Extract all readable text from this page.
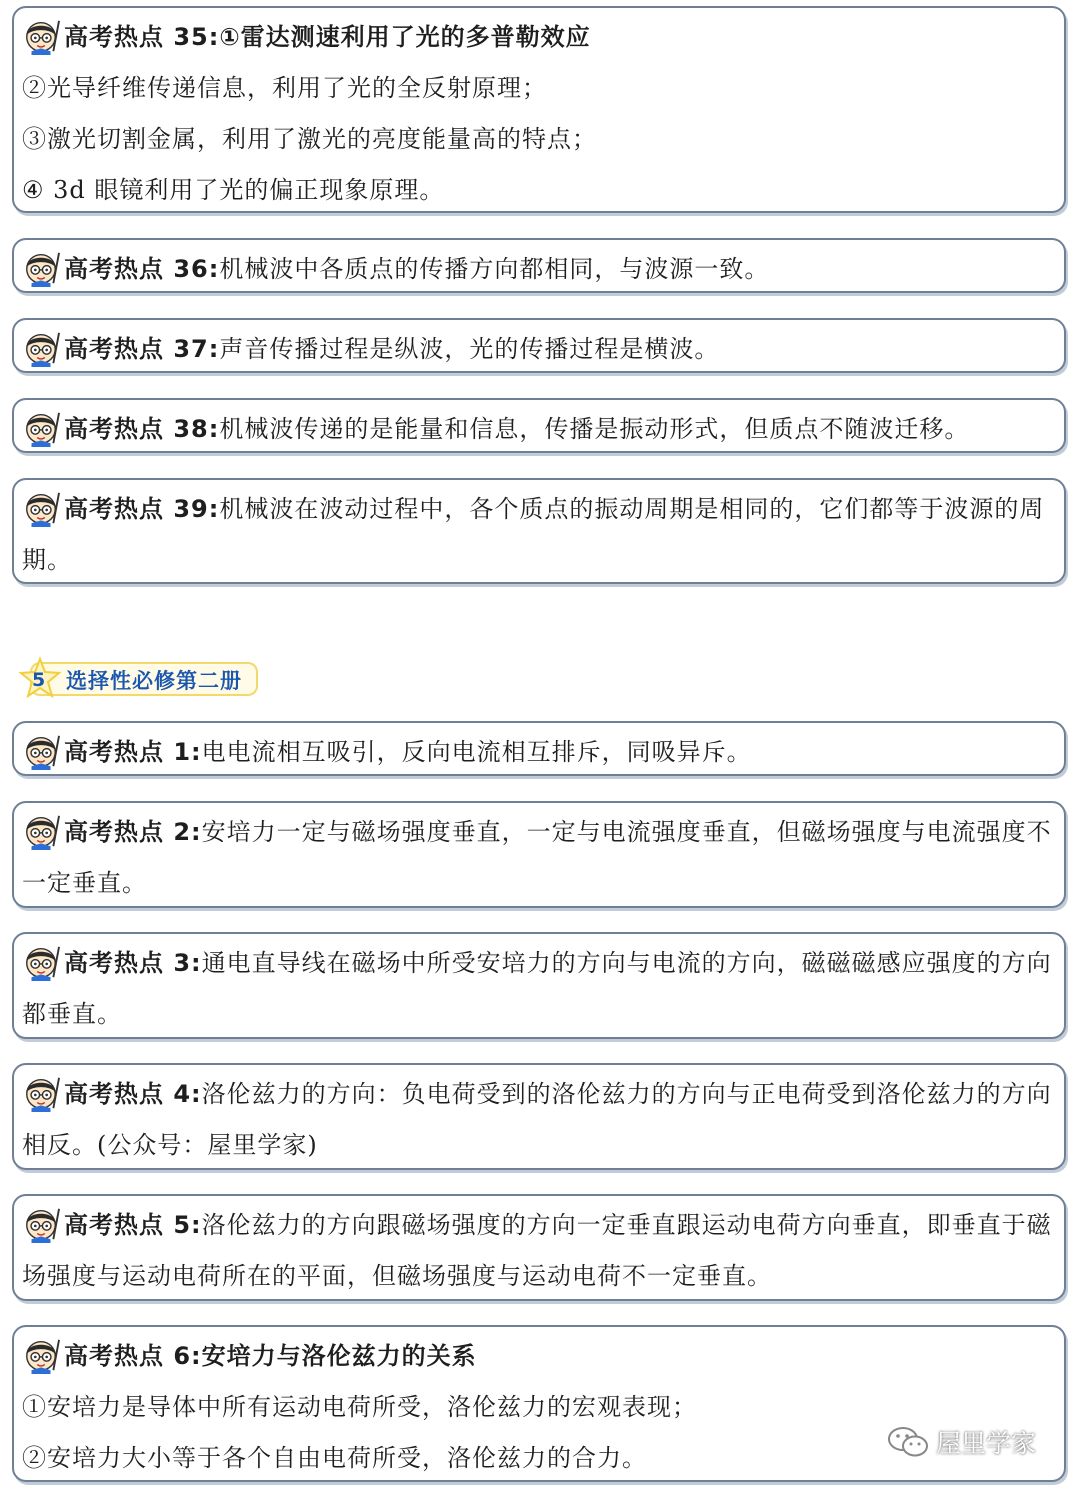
高考热点 35:①雷达测速利用了光的多普勒效应
②光导纤维传递信息，利用了光的全反射原理；
③激光切割金属，利用了激光的亮度能量高的特点；
④ 3d 眼镜利用了光的偏正现象原理。
高考热点 36:机械波中各质点的传播方向都相同，与波源一致。
高考热点 37:声音传播过程是纵波，光的传播过程是横波。
高考热点 38:机械波传递的是能量和信息，传播是振动形式，但质点不随波迁移。
高考热点 39:机械波在波动过程中，各个质点的振动周期是相同的，它们都等于波源的周期。
5 选择性必修第二册
高考热点 1:电电流相互吸引，反向电流相互排斥，同吸异斥。
高考热点 2:安培力一定与磁场强度垂直，一定与电流强度垂直，但磁场强度与电流强度不一定垂直。
高考热点 3:通电直导线在磁场中所受安培力的方向与电流的方向，磁磁磁感应强度的方向都垂直。
高考热点 4:洛伦兹力的方向：负电荷受到的洛伦兹力的方向与正电荷受到洛伦兹力的方向相反。(公众号：屋里学家)
高考热点 5:洛伦兹力的方向跟磁场强度的方向一定垂直跟运动电荷方向垂直，即垂直于磁场强度与运动电荷所在的平面，但磁场强度与运动电荷不一定垂直。
高考热点 6:安培力与洛伦兹力的关系
①安培力是导体中所有运动电荷所受，洛伦兹力的宏观表现；
②安培力大小等于各个自由电荷所受，洛伦兹力的合力。	屋里学家
